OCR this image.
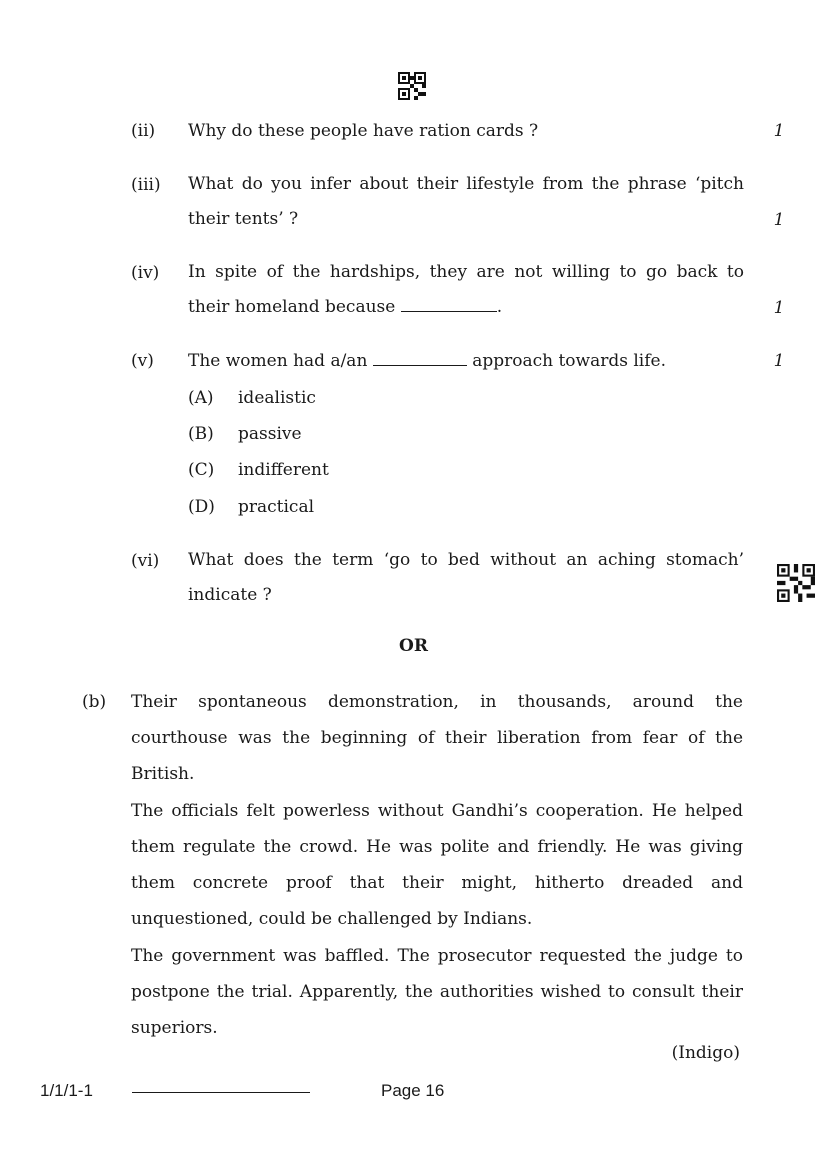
(ii) Why do these people have ration cards ?	1
(iii) What do you infer about their lifestyle from the phrase ‘pitch
their tents’ ?	1
(iv) In spite of the hardships, they are not willing to go back to
their homeland because	.	1
(v) The women had a/an	approach towards life.	1
(A) idealistic
(B) passive
(C) indifferent
(D) practical
(vi) What does the term ‘go to bed without an aching stomach’
indicate ?
OR
(b) Their spontaneous demonstration, in thousands, around the
courthouse was the beginning of their liberation from fear of the
British.
The officials felt powerless without Gandhi’s cooperation. He helped
them regulate the crowd. He was polite and friendly. He was giving
them concrete proof that their might, hitherto dreaded and
unquestioned, could be challenged by Indians.
The government was baffled. The prosecutor requested the judge to
postpone the trial. Apparently, the authorities wished to consult their
superiors.
(Indigo)
1/1/1-1	Page 16
